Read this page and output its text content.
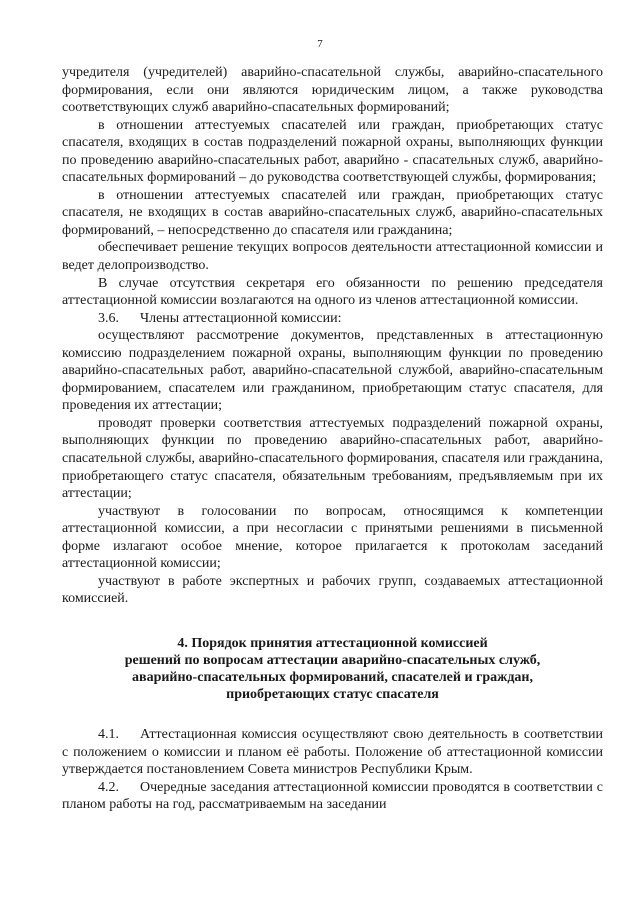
7

учредителя (учредителей) аварийно-спасательной службы, аварийно-спасательного формирования, если они являются юридическим лицом, а также руководства соответствующих служб аварийно-спасательных формирований;

в отношении аттестуемых спасателей или граждан, приобретающих статус спасателя, входящих в состав подразделений пожарной охраны, выполняющих функции по проведению аварийно-спасательных работ, аварийно - спасательных служб, аварийно-спасательных формирований – до руководства соответствующей службы, формирования;

в отношении аттестуемых спасателей или граждан, приобретающих статус спасателя, не входящих в состав аварийно-спасательных служб, аварийно-спасательных формирований, – непосредственно до спасателя или гражданина;

обеспечивает решение текущих вопросов деятельности аттестационной комиссии и ведет делопроизводство.

В случае отсутствия секретаря его обязанности по решению председателя аттестационной комиссии возлагаются на одного из членов аттестационной комиссии.

3.6. Члены аттестационной комиссии:

осуществляют рассмотрение документов, представленных в аттестационную комиссию подразделением пожарной охраны, выполняющим функции по проведению аварийно-спасательных работ, аварийно-спасательной службой, аварийно-спасательным формированием, спасателем или гражданином, приобретающим статус спасателя, для проведения их аттестации;

проводят проверки соответствия аттестуемых подразделений пожарной охраны, выполняющих функции по проведению аварийно-спасательных работ, аварийно-спасательной службы, аварийно-спасательного формирования, спасателя или гражданина, приобретающего статус спасателя, обязательным требованиям, предъявляемым при их аттестации;

участвуют в голосовании по вопросам, относящимся к компетенции аттестационной комиссии, а при несогласии с принятыми решениями в письменной форме излагают особое мнение, которое прилагается к протоколам заседаний аттестационной комиссии;

участвуют в работе экспертных и рабочих групп, создаваемых аттестационной комиссией.

4. Порядок принятия аттестационной комиссией

решений по вопросам аттестации аварийно-спасательных служб,

аварийно-спасательных формирований, спасателей и граждан,

приобретающих статус спасателя

4.1. Аттестационная комиссия осуществляют свою деятельность в соответствии с положением о комиссии и планом её работы. Положение об аттестационной комиссии утверждается постановлением Совета министров Республики Крым.

4.2. Очередные заседания аттестационной комиссии проводятся в соответствии с планом работы на год, рассматриваемым на заседании
